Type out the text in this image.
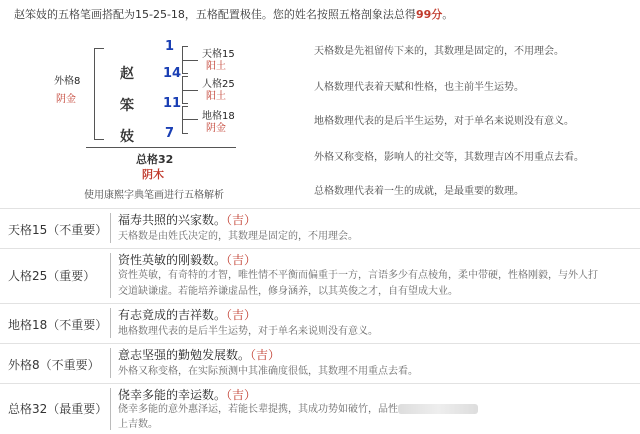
赵笨妓的五格笔画搭配为15-25-18，五格配置极佳。您的姓名按照五格剖象法总得99分。
外格8
阴金
赵
笨
妓
1
14
11
7
天格15
阳土
人格25
阳土
地格18
阴金
总格32
阴木
使用康熙字典笔画进行五格解析
天格数是先祖留传下来的，其数理是固定的，不用理会。
人格数理代表着天赋和性格，也主前半生运势。
地格数理代表的是后半生运势，对于单名来说则没有意义。
外格又称变格，影响人的社交等，其数理吉凶不用重点去看。
总格数理代表着一生的成就，是最重要的数理。
天格15（不重要）
福寿共照的兴家数。（吉）
天格数是由姓氏决定的，其数理是固定的，不用理会。
人格25（重要）
资性英敏的刚毅数。（吉）
资性英敏，有奇特的才智，唯性情不平衡而偏重于一方，言语多少有点棱角，柔中带硬，性格刚毅，与外人打
交道缺谦虚。若能培养谦虚品性，修身涵养，以其英俊之才，自有望成大业。
地格18（不重要）
有志竟成的吉祥数。（吉）
地格数理代表的是后半生运势，对于单名来说则没有意义。
外格8（不重要）
意志坚强的勤勉发展数。（吉）
外格又称变格，在实际预测中其准确度很低，其数理不用重点去看。
总格32（最重要）
侥幸多能的幸运数。（吉）
侥幸多能的意外惠泽运，若能长辈提携，其成功势如破竹，品性
上吉数。
